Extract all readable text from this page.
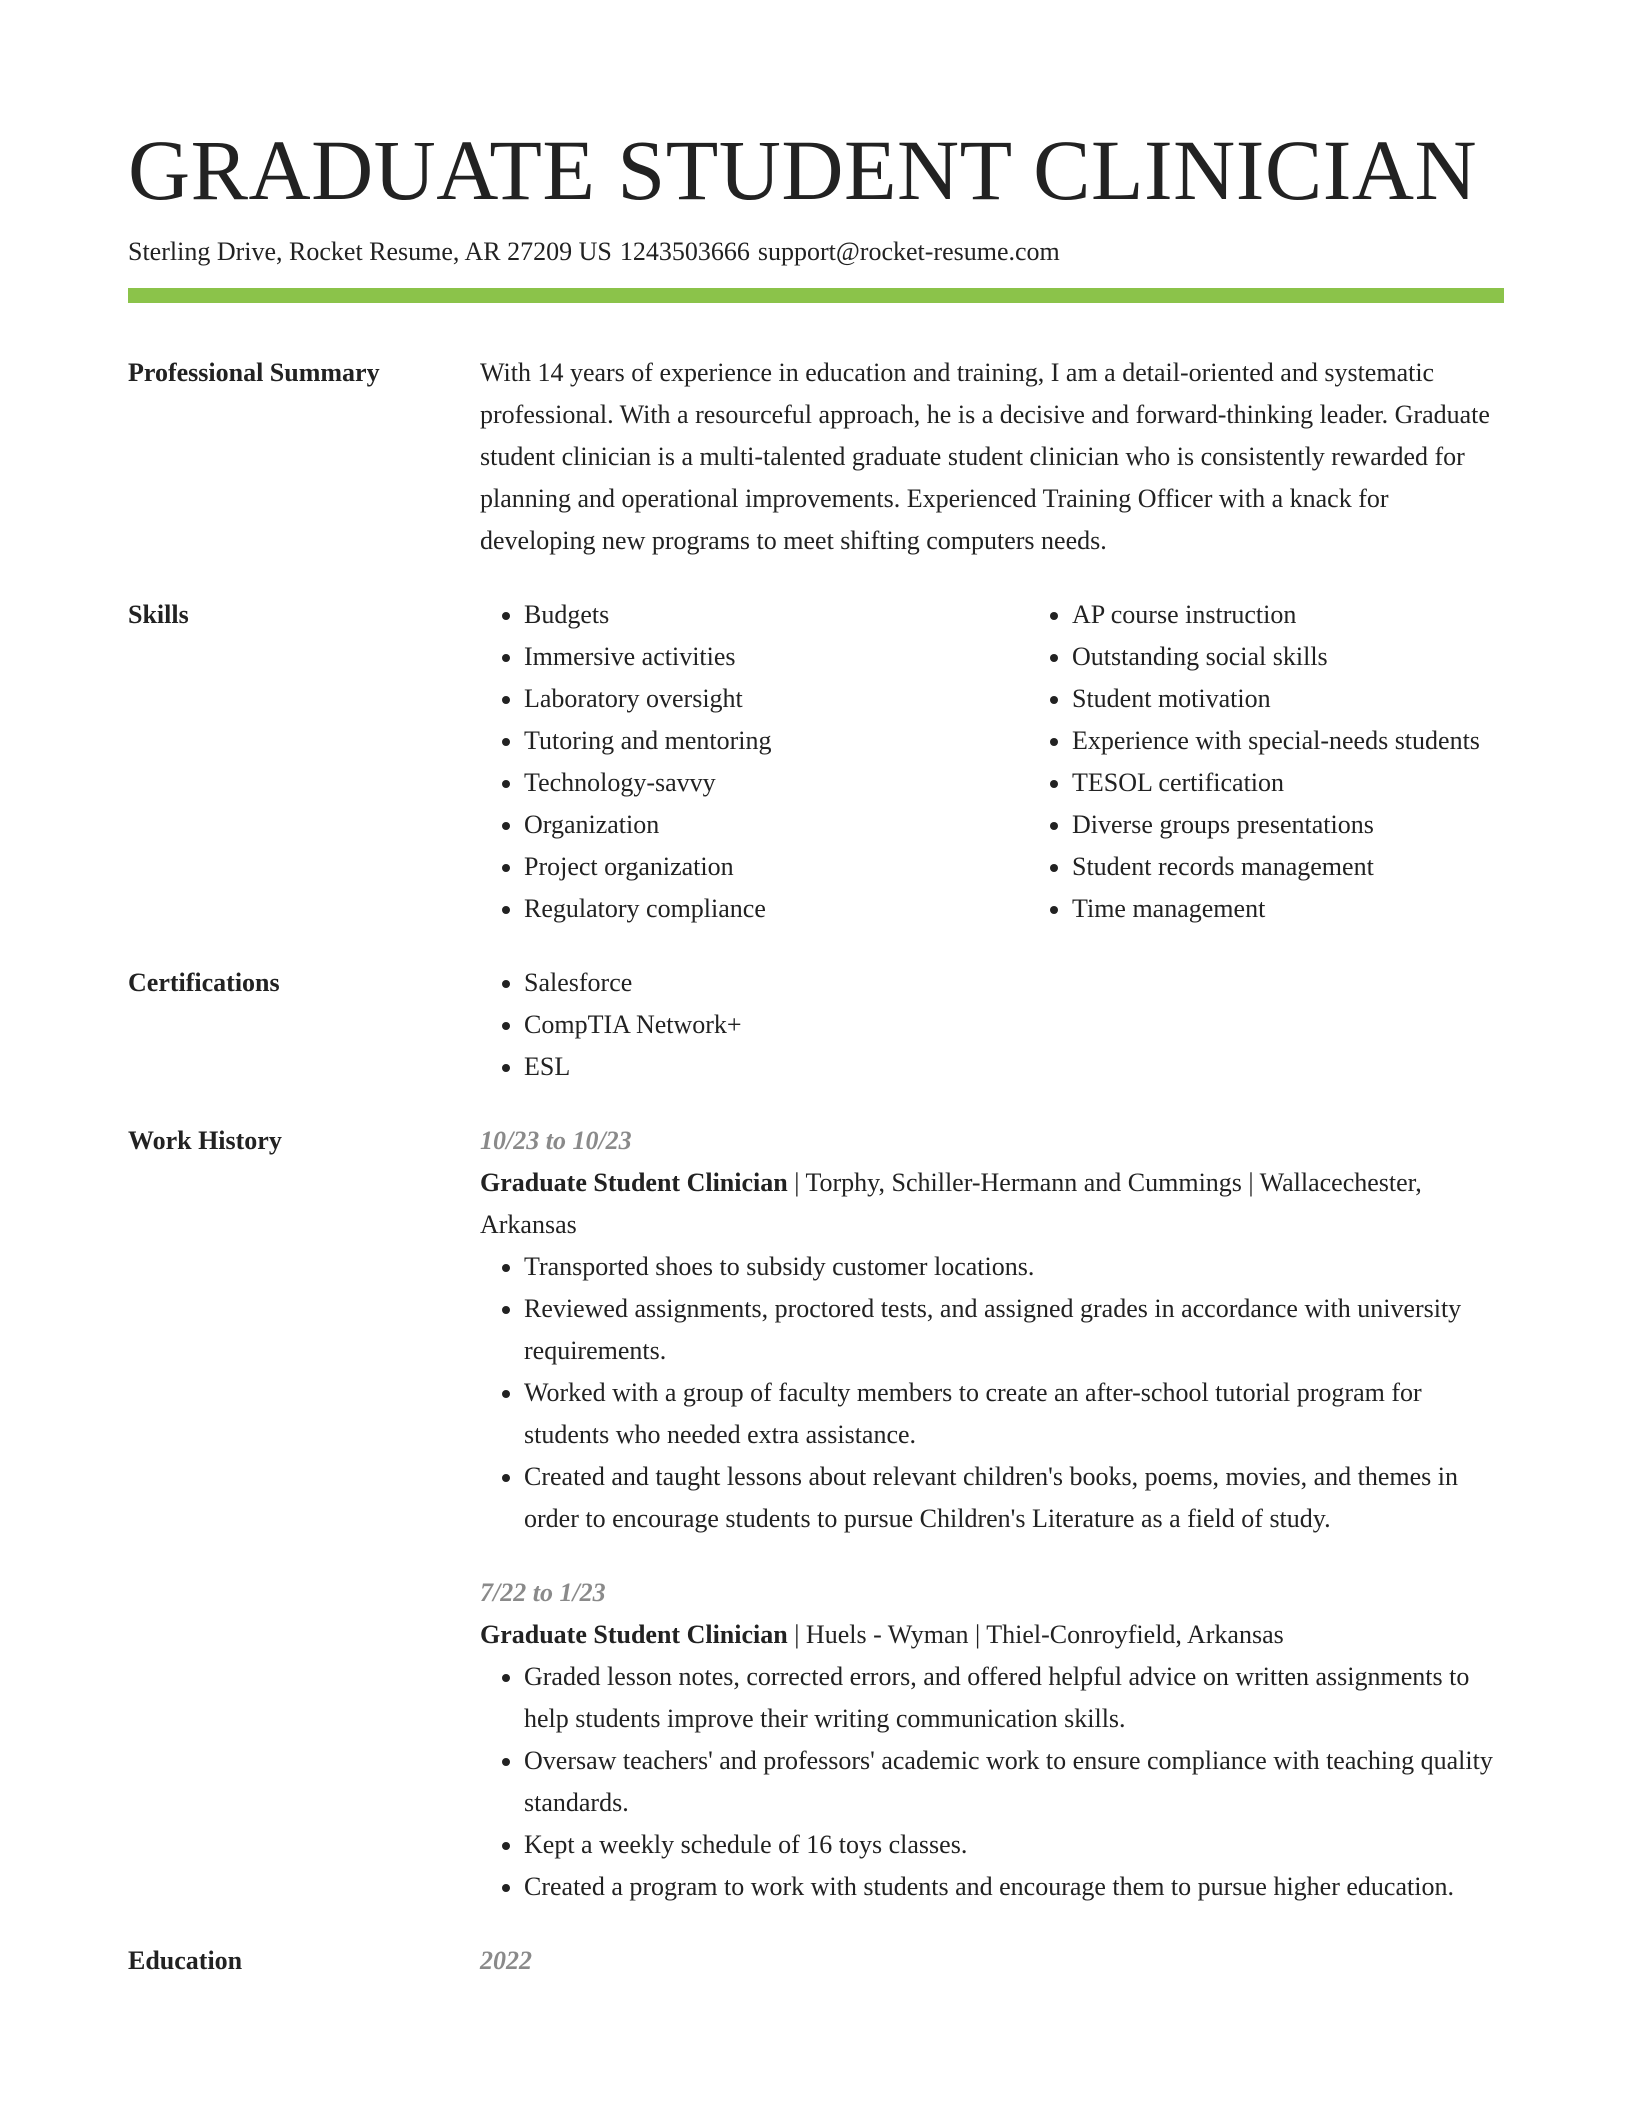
GRADUATE STUDENT CLINICIAN
Sterling Drive, Rocket Resume, AR 27209 US 1243503666 support@rocket-resume.com
Professional Summary	With 14 years of experience in education and training, I am a detail-oriented and systematic professional. With a resourceful approach, he is a decisive and forward-thinking leader. Graduate student clinician is a multi-talented graduate student clinician who is consistently rewarded for planning and operational improvements. Experienced Training Officer with a knack for developing new programs to meet shifting computers needs.
Skills	• Budgets
• Immersive activities
• Laboratory oversight
• Tutoring and mentoring
• Technology-savvy
• Organization
• Project organization
• Regulatory compliance
• AP course instruction
• Outstanding social skills
• Student motivation
• Experience with special-needs students
• TESOL certification
• Diverse groups presentations
• Student records management
• Time management
Certifications	• Salesforce
• CompTIA Network+
• ESL
Work History	10/23 to 10/23
Graduate Student Clinician | Torphy, Schiller-Hermann and Cummings | Wallacechester, Arkansas
• Transported shoes to subsidy customer locations.
• Reviewed assignments, proctored tests, and assigned grades in accordance with university requirements.
• Worked with a group of faculty members to create an after-school tutorial program for students who needed extra assistance.
• Created and taught lessons about relevant children's books, poems, movies, and themes in order to encourage students to pursue Children's Literature as a field of study.
7/22 to 1/23
Graduate Student Clinician | Huels - Wyman | Thiel-Conroyfield, Arkansas
• Graded lesson notes, corrected errors, and offered helpful advice on written assignments to help students improve their writing communication skills.
• Oversaw teachers' and professors' academic work to ensure compliance with teaching quality standards.
• Kept a weekly schedule of 16 toys classes.
• Created a program to work with students and encourage them to pursue higher education.
Education	2022
